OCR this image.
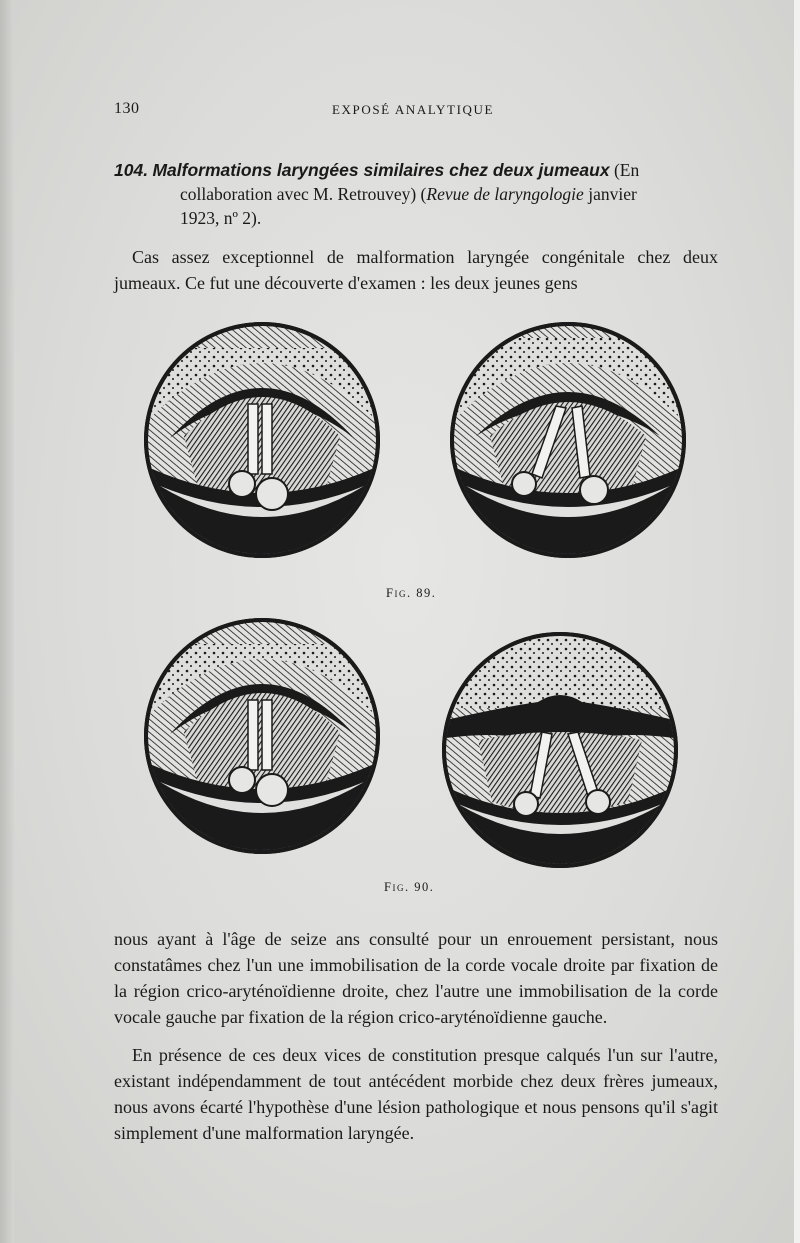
130	EXPOSÉ ANALYTIQUE
104. Malformations laryngées similaires chez deux jumeaux (En
collaboration avec M. Retrouvey) (Revue de laryngologie janvier
1923, nº 2).

Cas assez exceptionnel de malformation laryngée congénitale chez deux jumeaux. Ce fut une découverte d'examen : les deux jeunes gens

Fig. 89.
Fig. 90.

nous ayant à l'âge de seize ans consulté pour un enrouement persistant, nous constatâmes chez l'un une immobilisation de la corde vocale droite par fixation de la région crico-aryténoïdienne droite, chez l'autre une immobilisation de la corde vocale gauche par fixation de la région crico-aryténoïdienne gauche.

En présence de ces deux vices de constitution presque calqués l'un sur l'autre, existant indépendamment de tout antécédent morbide chez deux frères jumeaux, nous avons écarté l'hypothèse d'une lésion pathologique et nous pensons qu'il s'agit simplement d'une malformation laryngée.
